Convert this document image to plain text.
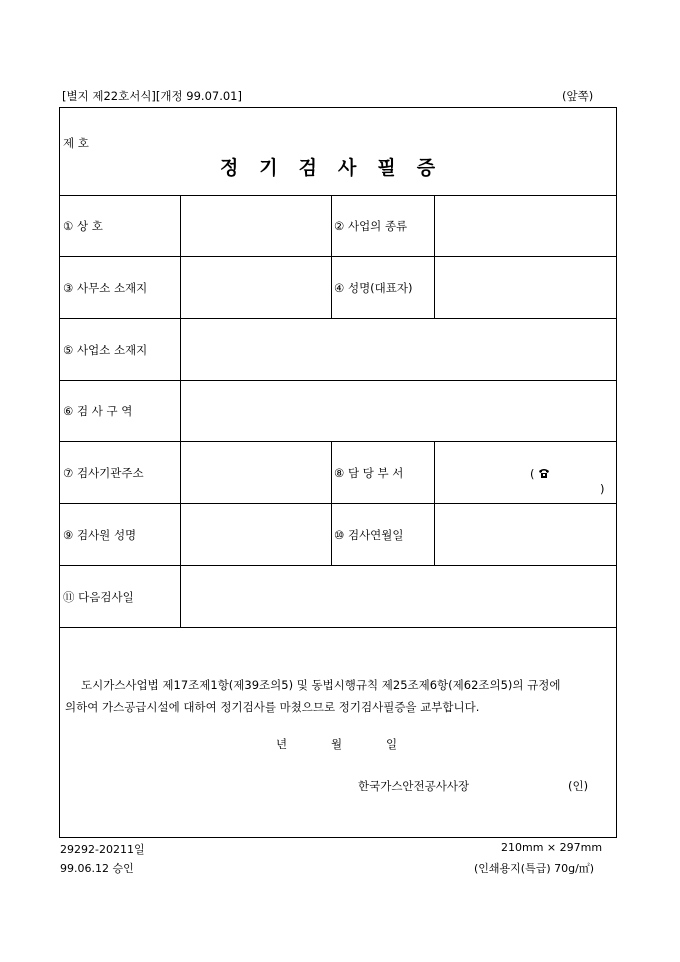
[별지 제22호서식][개정 99.07.01]	(앞쪽)
제 호
정기검사필증
① 상 호	② 사업의 종류
③ 사무소 소재지	④ 성명(대표자)
⑤ 사업소 소재지
⑥ 검 사 구 역
⑦ 검사기관주소	⑧ 담 당 부 서
⑨ 검사원 성명	⑩ 검사연월일
⑪ 다음검사일
()
도시가스사업법 제17조제1항(제39조의5) 및 동법시행규칙 제25조제6항(제62조의5)의 규정에
의하여 가스공급시설에 대하여 정기검사를 마쳤으므로 정기검사필증을 교부합니다.
년	월	일
한국가스안전공사사장	(인)
29292-20211일
99.06.12 승인
210mm × 297mm
(인쇄용지(특급) 70g/㎡)
